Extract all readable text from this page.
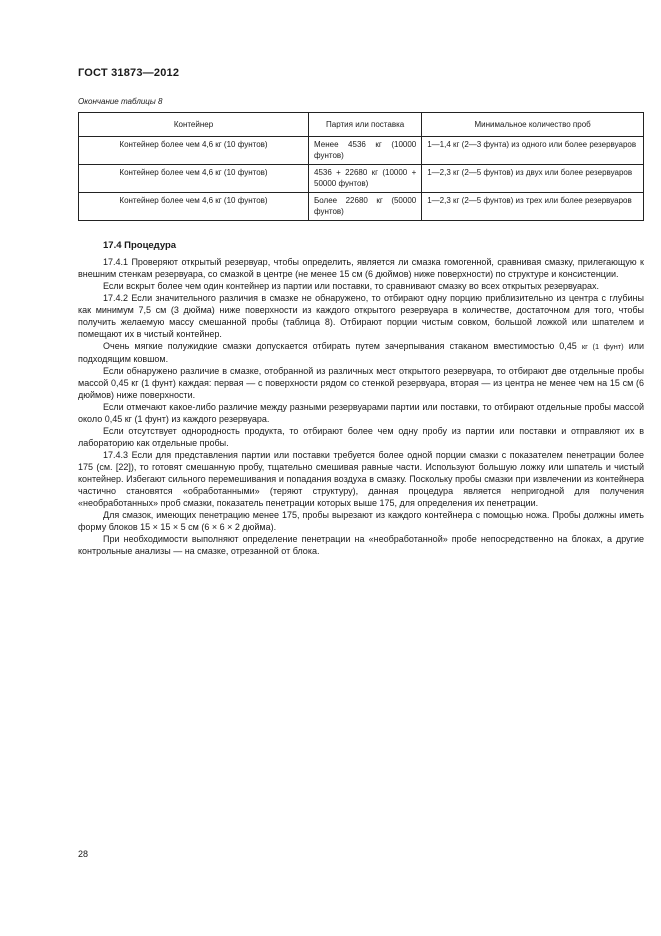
ГОСТ 31873—2012
Окончание таблицы 8
Контейнер	Партия или поставка	Минимальное количество проб
Контейнер более чем 4,6 кг (10 фунтов)	Менее 4536 кг (10000 фунтов)	1—1,4 кг (2—3 фунта) из одного или более резервуаров
Контейнер более чем 4,6 кг (10 фунтов)	4536 + 22680 кг (10000 + 50000 фунтов)	1—2,3 кг (2—5 фунтов) из двух или более резервуаров
Контейнер более чем 4,6 кг (10 фунтов)	Более 22680 кг (50000 фунтов)	1—2,3 кг (2—5 фунтов) из трех или более резервуаров
17.4 Процедура

17.4.1 Проверяют открытый резервуар, чтобы определить, является ли смазка гомогенной, сравнивая смазку, прилегающую к внешним стенкам резервуара, со смазкой в центре (не менее 15 см (6 дюймов) ниже поверхности) по структуре и консистенции.

Если вскрыт более чем один контейнер из партии или поставки, то сравнивают смазку во всех открытых резервуарах.

17.4.2 Если значительного различия в смазке не обнаружено, то отбирают одну порцию приблизительно из центра с глубины как минимум 7,5 см (3 дюйма) ниже поверхности из каждого открытого резервуара в количестве, достаточном для того, чтобы получить желаемую массу смешанной пробы (таблица 8). Отбирают порции чистым совком, большой ложкой или шпателем и помещают их в чистый контейнер.

Очень мягкие полужидкие смазки допускается отбирать путем зачерпывания стаканом вместимостью 0,45 кг (1 фунт) или подходящим ковшом.

Если обнаружено различие в смазке, отобранной из различных мест открытого резервуара, то отбирают две отдельные пробы массой 0,45 кг (1 фунт) каждая: первая — с поверхности рядом со стенкой резервуара, вторая — из центра не менее чем на 15 см (6 дюймов) ниже поверхности.

Если отмечают какое-либо различие между разными резервуарами партии или поставки, то отбирают отдельные пробы массой около 0,45 кг (1 фунт) из каждого резервуара.

Если отсутствует однородность продукта, то отбирают более чем одну пробу из партии или поставки и отправляют их в лабораторию как отдельные пробы.

17.4.3 Если для представления партии или поставки требуется более одной порции смазки с показателем пенетрации более 175 (см. [22]), то готовят смешанную пробу, тщательно смешивая равные части. Используют большую ложку или шпатель и чистый контейнер. Избегают сильного перемешивания и попадания воздуха в смазку. Поскольку пробы смазки при извлечении из контейнера частично становятся «обработанными» (теряют структуру), данная процедура является непригодной для получения «необработанных» проб смазки, показатель пенетрации которых выше 175, для определения их пенетрации.

Для смазок, имеющих пенетрацию менее 175, пробы вырезают из каждого контейнера с помощью ножа. Пробы должны иметь форму блоков 15 × 15 × 5 см (6 × 6 × 2 дюйма).

При необходимости выполняют определение пенетрации на «необработанной» пробе непосредственно на блоках, а другие контрольные анализы — на смазке, отрезанной от блока.

28
